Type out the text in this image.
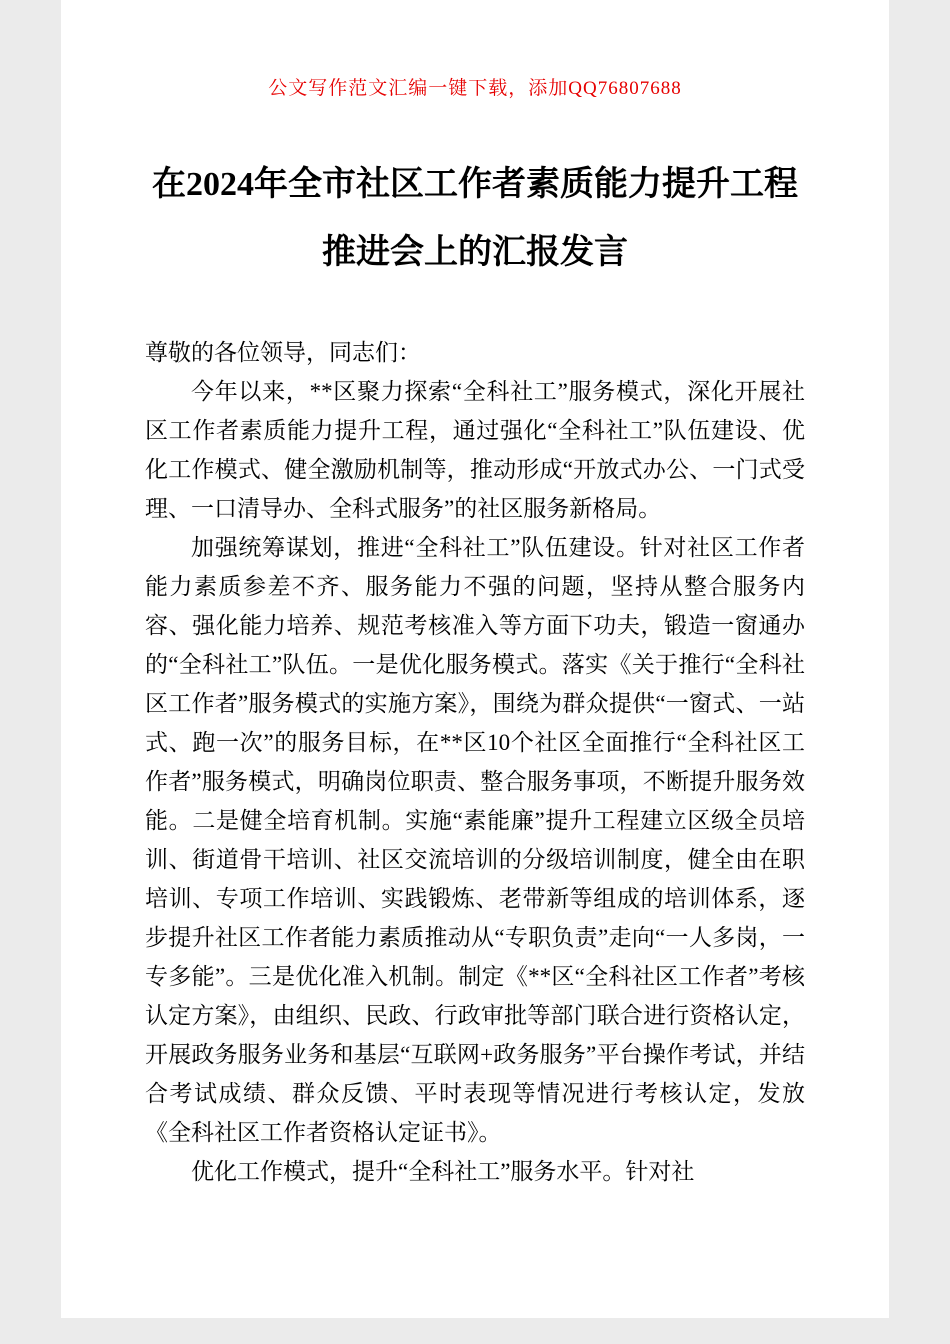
公文写作范文汇编一键下载，添加QQ76807688
在2024年全市社区工作者素质能力提升工程推进会上的汇报发言

尊敬的各位领导，同志们：

今年以来，**区聚力探索“全科社工”服务模式，深化开展社区工作者素质能力提升工程，通过强化“全科社工”队伍建设、优化工作模式、健全激励机制等，推动形成“开放式办公、一门式受理、一口清导办、全科式服务”的社区服务新格局。

加强统筹谋划，推进“全科社工”队伍建设。针对社区工作者能力素质参差不齐、服务能力不强的问题，坚持从整合服务内容、强化能力培养、规范考核准入等方面下功夫，锻造一窗通办的“全科社工”队伍。一是优化服务模式。落实《关于推行“全科社区工作者”服务模式的实施方案》，围绕为群众提供“一窗式、一站式、跑一次”的服务目标，在**区10个社区全面推行“全科社区工作者”服务模式，明确岗位职责、整合服务事项，不断提升服务效能。二是健全培育机制。实施“素能廉”提升工程建立区级全员培训、街道骨干培训、社区交流培训的分级培训制度，健全由在职培训、专项工作培训、实践锻炼、老带新等组成的培训体系，逐步提升社区工作者能力素质推动从“专职负责”走向“一人多岗，一专多能”。三是优化准入机制。制定《**区“全科社区工作者”考核认定方案》，由组织、民政、行政审批等部门联合进行资格认定，开展政务服务业务和基层“互联网+政务服务”平台操作考试，并结合考试成绩、群众反馈、平时表现等情况进行考核认定，发放《全科社区工作者资格认定证书》。

优化工作模式，提升“全科社工”服务水平。针对社
